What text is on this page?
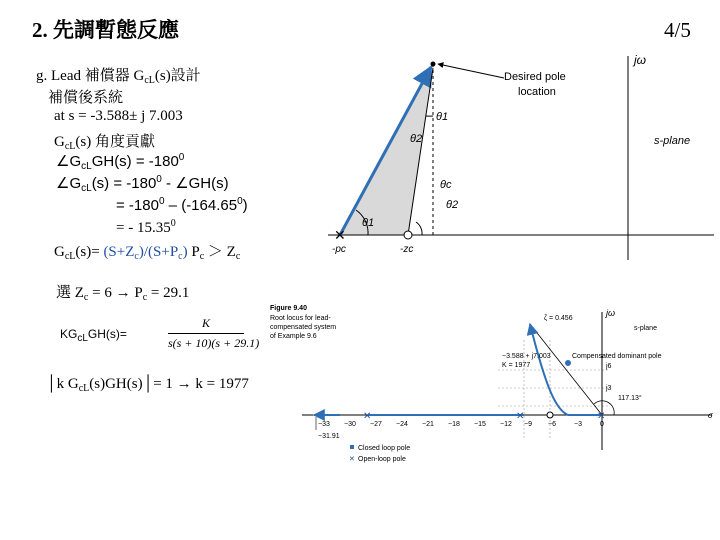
2. 先調暫態反應	4/5
g. Lead 補償器 $G_{cL}(s)$設計
補償後系統
at s = -3.588± j 7.003
$G_{cL}(s)$ 角度貢獻
$\angle G_{cL}GH(s) = -180^0$
$\angle G_{cL}(s) = -180^0$ - ∠GH(s)
= $-180^0 - (-164.65^0)$
= - 15.35$^0$
$G_{cL}(s)= (S+Z_c)/(S+P_c) P_c > Z_c$
選 $Z_c = 6 \to P_c = 29.1$
$KG_{cL}GH(s)=$
K
s(s + 10)(s + 29.1)
│k $G_{cL}(s)GH(s)│= 1 \to k = 1977$
✕
Desired pole
location
jω
s-plane
θ1
θ2
θc
θ2
θ1
-pc	-zc
Figure 9.40
Root locus for lead-
compensated system
of Example 9.6
✕	✕	✕
ζ = 0.456
jω
s-plane
−3.588 + j7.003
K = 1977
Compensated dominant pole
j6
j3
117.13°
σ
−33 −30 −27 −24 −21 −18 −15 −12 −9 −6	−3	0
−31.91
Closed loop pole
✕ Open-loop pole
